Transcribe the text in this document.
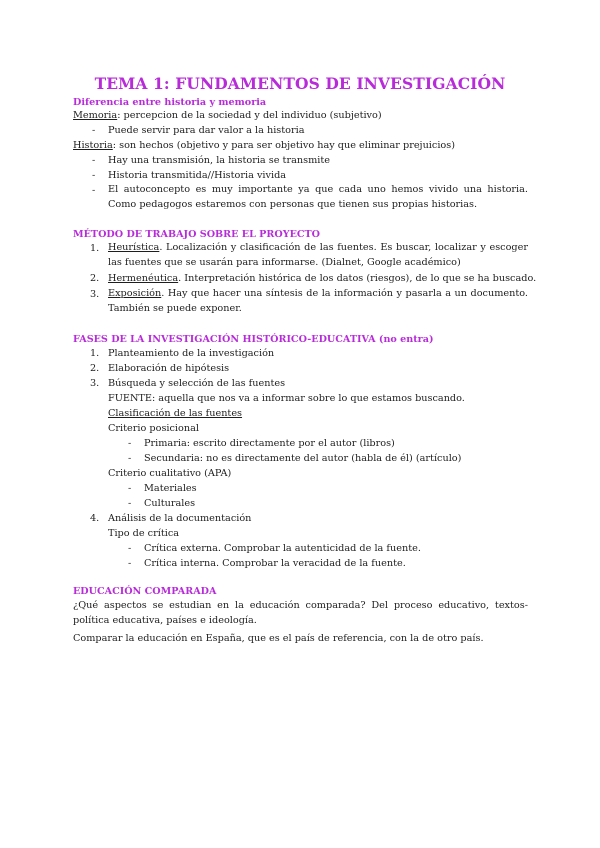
TEMA 1: FUNDAMENTOS DE INVESTIGACIÓN
Diferencia entre historia y memoria
Memoria: percepcion de la sociedad y del individuo (subjetivo)
- Puede servir para dar valor a la historia
Historia: son hechos (objetivo y para ser objetivo hay que eliminar prejuicios)
- Hay una transmisión, la historia se transmite
- Historia transmitida//Historia vivida
- El autoconcepto es muy importante ya que cada uno hemos vivido una historia. Como pedagogos estaremos con personas que tienen sus propias historias.
MÉTODO DE TRABAJO SOBRE EL PROYECTO
1. Heurística. Localización y clasificación de las fuentes. Es buscar, localizar y escoger las fuentes que se usarán para informarse. (Dialnet, Google académico)
2. Hermenéutica. Interpretación histórica de los datos (riesgos), de lo que se ha buscado.
3. Exposición. Hay que hacer una síntesis de la información y pasarla a un documento. También se puede exponer.
FASES DE LA INVESTIGACIÓN HISTÓRICO-EDUCATIVA (no entra)
1. Planteamiento de la investigación
2. Elaboración de hipótesis
3. Búsqueda y selección de las fuentes
FUENTE: aquella que nos va a informar sobre lo que estamos buscando.
Clasificación de las fuentes
Criterio posicional
- Primaria: escrito directamente por el autor (libros)
- Secundaria: no es directamente del autor (habla de él) (artículo)
Criterio cualitativo (APA)
- Materiales
- Culturales
4. Análisis de la documentación
Tipo de crítica
- Crítica externa. Comprobar la autenticidad de la fuente.
- Crítica interna. Comprobar la veracidad de la fuente.
EDUCACIÓN COMPARADA
¿Qué aspectos se estudian en la educación comparada? Del proceso educativo, textos-política educativa, países e ideología.
Comparar la educación en España, que es el país de referencia, con la de otro país.
